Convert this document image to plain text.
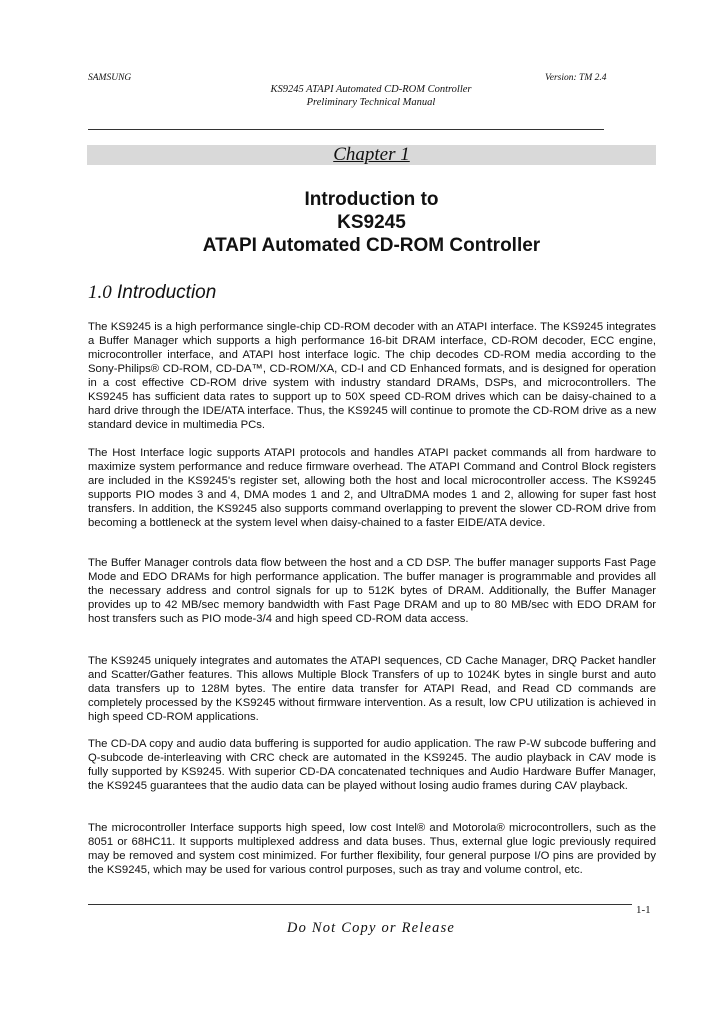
SAMSUNG	Version: TM 2.4
KS9245 ATAPI Automated CD-ROM Controller
Preliminary Technical Manual
Chapter 1
Introduction to
KS9245
ATAPI Automated CD-ROM Controller
1.0 Introduction
The KS9245 is a high performance single-chip CD-ROM decoder with an ATAPI interface. The KS9245 integrates a Buffer Manager which supports a high performance 16-bit DRAM interface, CD-ROM decoder, ECC engine, microcontroller interface, and ATAPI host interface logic. The chip decodes CD-ROM media according to the Sony-Philips® CD-ROM, CD-DA™, CD-ROM/XA, CD-I and CD Enhanced formats, and is designed for operation in a cost effective CD-ROM drive system with industry standard DRAMs, DSPs, and microcontrollers. The KS9245 has sufficient data rates to support up to 50X speed CD-ROM drives which can be daisy-chained to a hard drive through the IDE/ATA interface. Thus, the KS9245 will continue to promote the CD-ROM drive as a new standard device in multimedia PCs.
The Host Interface logic supports ATAPI protocols and handles ATAPI packet commands all from hardware to maximize system performance and reduce firmware overhead. The ATAPI Command and Control Block registers are included in the KS9245's register set, allowing both the host and local microcontroller access. The KS9245 supports PIO modes 3 and 4, DMA modes 1 and 2, and UltraDMA modes 1 and 2, allowing for super fast host transfers. In addition, the KS9245 also supports command overlapping to prevent the slower CD-ROM drive from becoming a bottleneck at the system level when daisy-chained to a faster EIDE/ATA device.
The Buffer Manager controls data flow between the host and a CD DSP. The buffer manager supports Fast Page Mode and EDO DRAMs for high performance application. The buffer manager is programmable and provides all the necessary address and control signals for up to 512K bytes of DRAM. Additionally, the Buffer Manager provides up to 42 MB/sec memory bandwidth with Fast Page DRAM and up to 80 MB/sec with EDO DRAM for host transfers such as PIO mode-3/4 and high speed CD-ROM data access.
The KS9245 uniquely integrates and automates the ATAPI sequences, CD Cache Manager, DRQ Packet handler and Scatter/Gather features. This allows Multiple Block Transfers of up to 1024K bytes in single burst and auto data transfers up to 128M bytes. The entire data transfer for ATAPI Read, and Read CD commands are completely processed by the KS9245 without firmware intervention. As a result, low CPU utilization is achieved in high speed CD-ROM applications.
The CD-DA copy and audio data buffering is supported for audio application. The raw P-W subcode buffering and Q-subcode de-interleaving with CRC check are automated in the KS9245. The audio playback in CAV mode is fully supported by KS9245. With superior CD-DA concatenated techniques and Audio Hardware Buffer Manager, the KS9245 guarantees that the audio data can be played without losing audio frames during CAV playback.
The microcontroller Interface supports high speed, low cost Intel® and Motorola® microcontrollers, such as the 8051 or 68HC11. It supports multiplexed address and data buses. Thus, external glue logic previously required may be removed and system cost minimized. For further flexibility, four general purpose I/O pins are provided by the KS9245, which may be used for various control purposes, such as tray and volume control, etc.
1-1
Do Not Copy or Release
